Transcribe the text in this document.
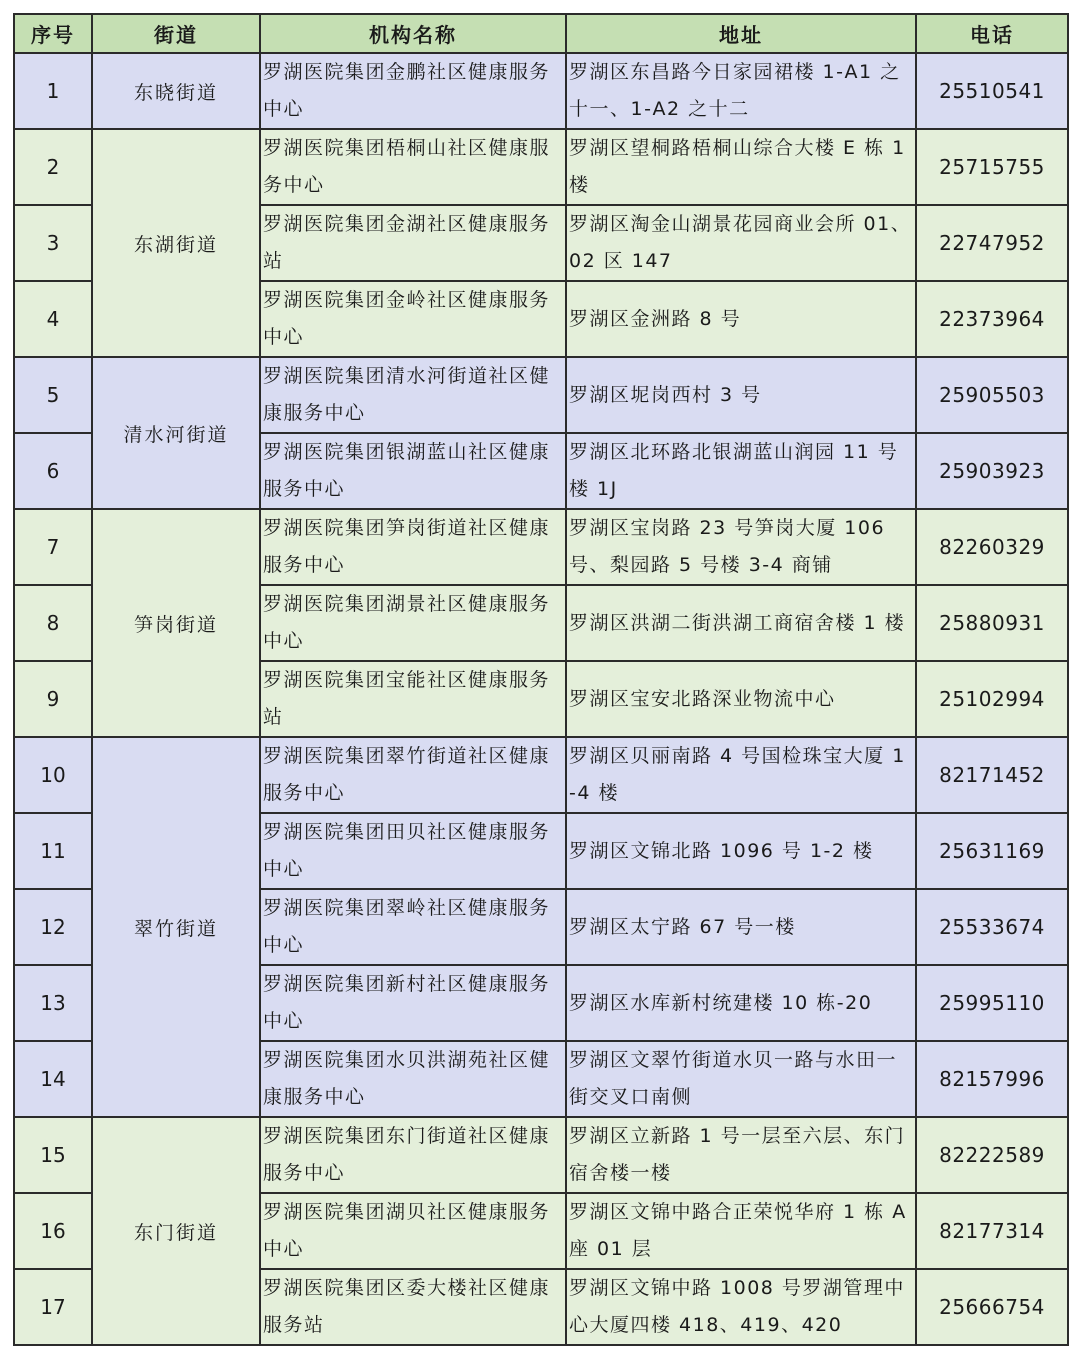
序号	街道	机构名称	地址	电话
1	东晓街道	罗湖医院集团金鹏社区健康服务中心	罗湖区东昌路今日家园裙楼 1-A1 之十一、1-A2 之十二	25510541
2	东湖街道	罗湖医院集团梧桐山社区健康服务中心	罗湖区望桐路梧桐山综合大楼 E 栋 1 楼	25715755
3		罗湖医院集团金湖社区健康服务站	罗湖区淘金山湖景花园商业会所 01、02 区 147	22747952
4		罗湖医院集团金岭社区健康服务中心	罗湖区金洲路 8 号	22373964
5	清水河街道	罗湖医院集团清水河街道社区健康服务中心	罗湖区坭岗西村 3 号	25905503
6		罗湖医院集团银湖蓝山社区健康服务中心	罗湖区北环路北银湖蓝山润园 11 号楼 1J	25903923
7	笋岗街道	罗湖医院集团笋岗街道社区健康服务中心	罗湖区宝岗路 23 号笋岗大厦 106 号、梨园路 5 号楼 3-4 商铺	82260329
8		罗湖医院集团湖景社区健康服务中心	罗湖区洪湖二街洪湖工商宿舍楼 1 楼	25880931
9		罗湖医院集团宝能社区健康服务站	罗湖区宝安北路深业物流中心	25102994
10	翠竹街道	罗湖医院集团翠竹街道社区健康服务中心	罗湖区贝丽南路 4 号国检珠宝大厦 1-4 楼	82171452
11		罗湖医院集团田贝社区健康服务中心	罗湖区文锦北路 1096 号 1-2 楼	25631169
12		罗湖医院集团翠岭社区健康服务中心	罗湖区太宁路 67 号一楼	25533674
13		罗湖医院集团新村社区健康服务中心	罗湖区水库新村统建楼 10 栋-20	25995110
14		罗湖医院集团水贝洪湖苑社区健康服务中心	罗湖区文翠竹街道水贝一路与水田一街交叉口南侧	82157996
15	东门街道	罗湖医院集团东门街道社区健康服务中心	罗湖区立新路 1 号一层至六层、东门宿舍楼一楼	82222589
16		罗湖医院集团湖贝社区健康服务中心	罗湖区文锦中路合正荣悦华府 1 栋 A 座 01 层	82177314
17		罗湖医院集团区委大楼社区健康服务站	罗湖区文锦中路 1008 号罗湖管理中心大厦四楼 418、419、420	25666754
